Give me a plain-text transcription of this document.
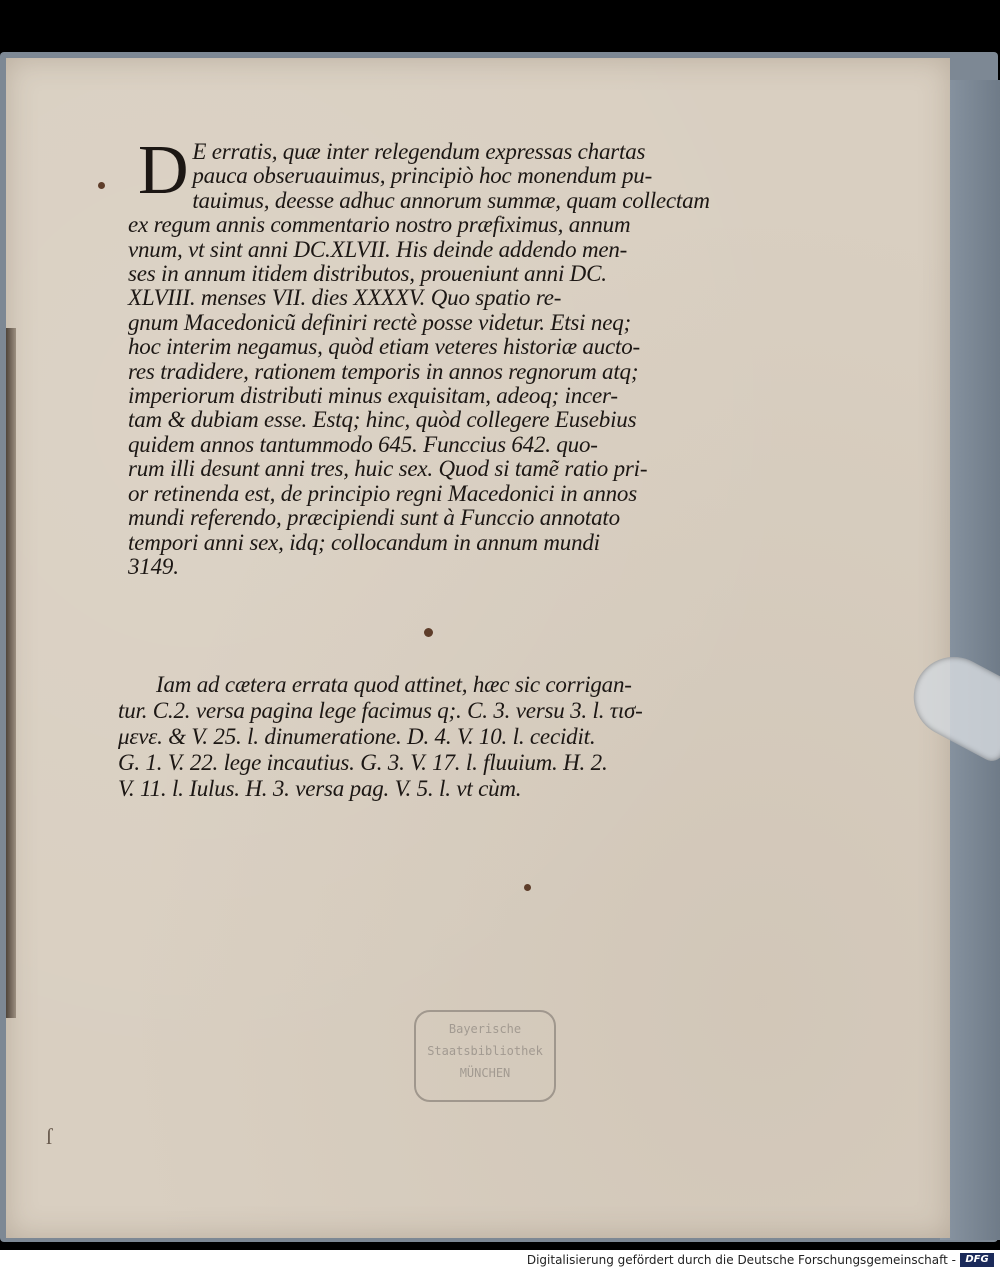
D E erratis, quæ inter relegendum expressas chartas
pauca obseruauimus, principiò hoc monendum pu-
tauimus, deesse adhuc annorum summæ, quam collectam
ex regum annis commentario nostro præfiximus, annum
vnum, vt sint anni DC.XLVII. His deinde addendo men-
ses in annum itidem distributos, proueniunt anni DC.
XLVIII. menses VII. dies XXXXV. Quo spatio re-
gnum Macedonicũ definiri rectè posse videtur. Etsi neq;
hoc interim negamus, quòd etiam veteres historiæ aucto-
res tradidere, rationem temporis in annos regnorum atq;
imperiorum distributi minus exquisitam, adeoq; incer-
tam & dubiam esse. Estq; hinc, quòd collegere Eusebius
quidem annos tantummodo 645. Funccius 642. quo-
rum illi desunt anni tres, huic sex. Quod si tamẽ ratio pri-
or retinenda est, de principio regni Macedonici in annos
mundi referendo, præcipiendi sunt à Funccio annotato
tempori anni sex, idq; collocandum in annum mundi
3149.
Iam ad cætera errata quod attinet, hæc sic corrigan-
tur. C.2. versa pagina lege facimus q;. C. 3. versu 3. l. τισ-
μενε. & V. 25. l. dinumeratione. D. 4. V. 10. l. cecidit.
G. 1. V. 22. lege incautius. G. 3. V. 17. l. fluuium. H. 2.
V. 11. l. Iulus. H. 3. versa pag. V. 5. l. vt cùm.
Bayerische
Staatsbibliothek
MÜNCHEN
ſ
Digitalisierung gefördert durch die Deutsche Forschungsgemeinschaft - DFG
